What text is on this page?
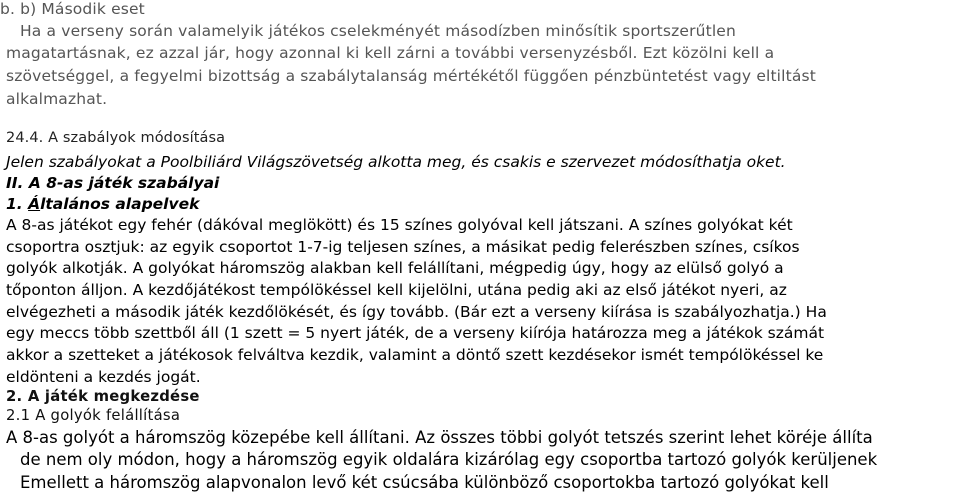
b. b) Második eset
Ha a verseny során valamelyik játékos cselekményét másodízben minősítik sportszerűtlen
magatartásnak, ez azzal jár, hogy azonnal ki kell zárni a további versenyzésből. Ezt közölni kell a
szövetséggel, a fegyelmi bizottság a szabálytalanság mértékétől függően pénzbüntetést vagy eltiltást
alkalmazhat.
24.4. A szabályok módosítása
Jelen szabályokat a Poolbiliárd Világszövetség alkotta meg, és csakis e szervezet módosíthatja oket.
II. A 8-as játék szabályai
1. Általános alapelvek
A 8-as játékot egy fehér (dákóval meglökött) és 15 színes golyóval kell játszani. A színes golyókat két
csoportra osztjuk: az egyik csoportot 1-7-ig teljesen színes, a másikat pedig felerészben színes, csíkos
golyók alkotják. A golyókat háromszög alakban kell felállítani, mégpedig úgy, hogy az elülső golyó a
tőponton álljon. A kezdőjátékost tempólökéssel kell kijelölni, utána pedig aki az első játékot nyeri, az
elvégezheti a második játék kezdőlökését, és így tovább. (Bár ezt a verseny kiírása is szabályozhatja.) Ha
egy meccs több szettből áll (1 szett = 5 nyert játék, de a verseny kiírója határozza meg a játékok számát
akkor a szetteket a játékosok felváltva kezdik, valamint a döntő szett kezdésekor ismét tempólökéssel ke
eldönteni a kezdés jogát.
2. A játék megkezdése
2.1 A golyók felállítása
A 8-as golyót a háromszög közepébe kell állítani. Az összes többi golyót tetszés szerint lehet köréje állíta
de nem oly módon, hogy a háromszög egyik oldalára kizárólag egy csoportba tartozó golyók kerüljenek
Emellett a háromszög alapvonalon levő két csúcsába különböző csoportokba tartozó golyókat kell
